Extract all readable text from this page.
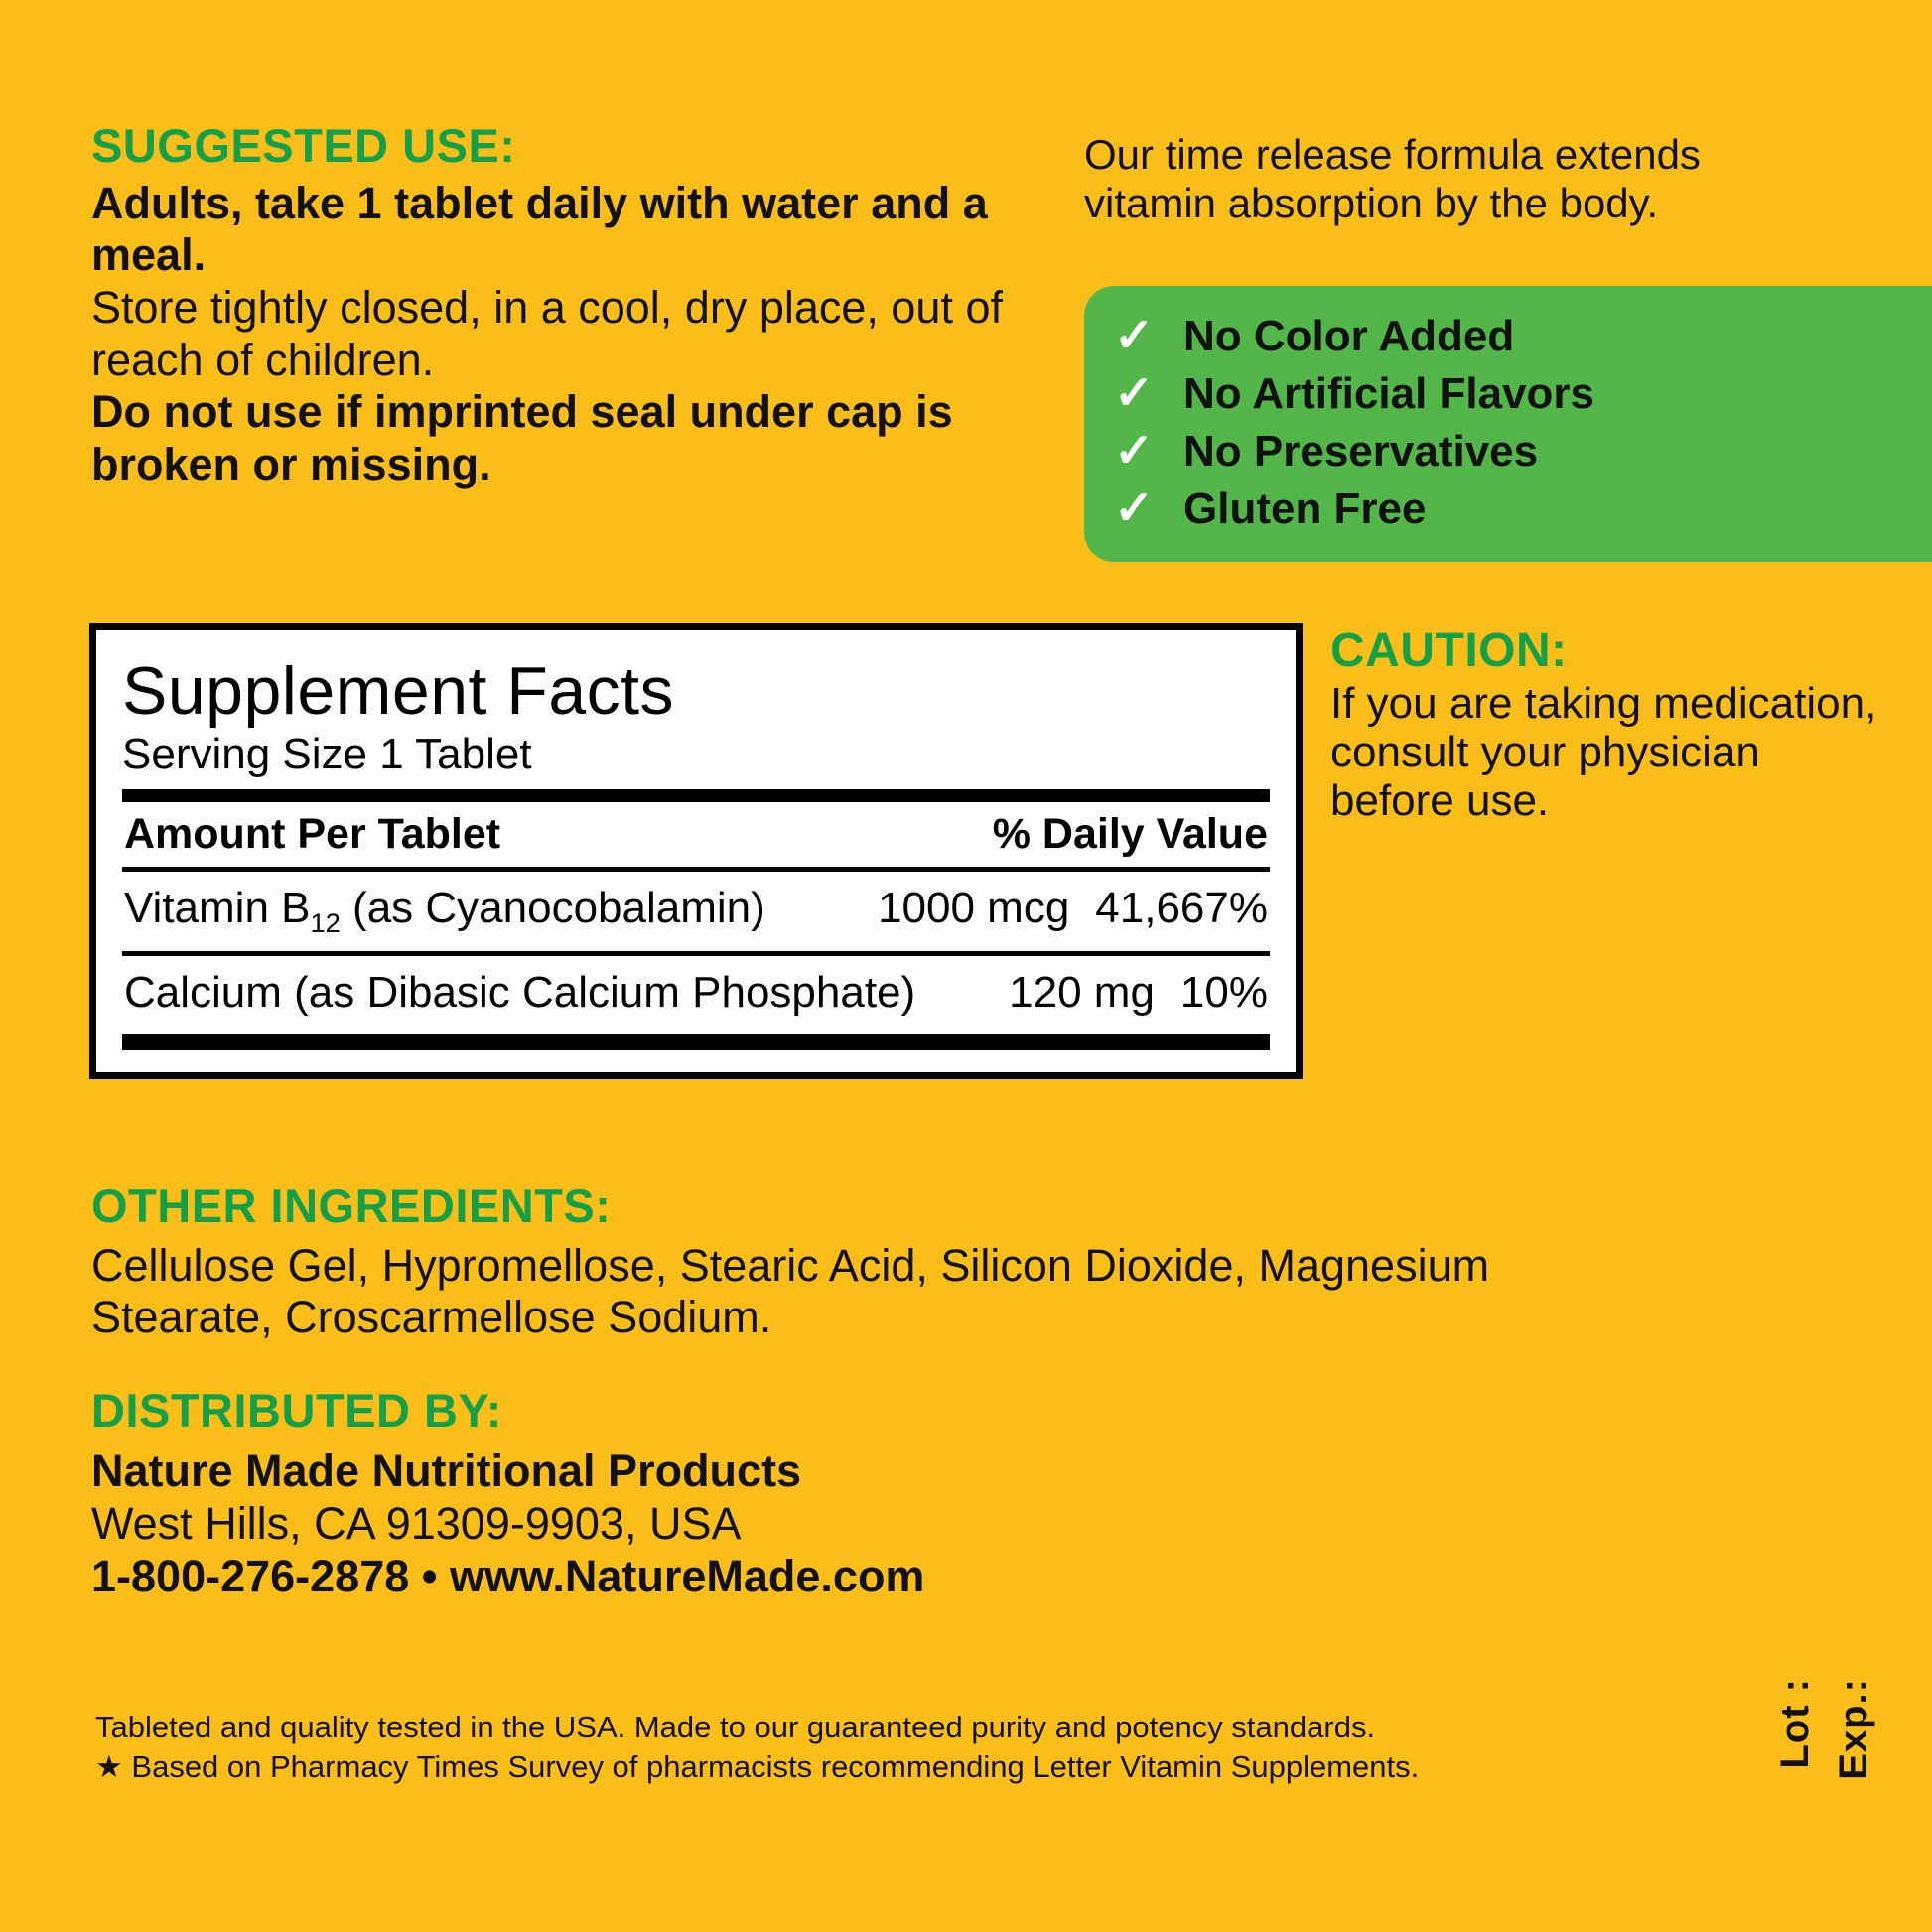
SUGGESTED USE:

Adults, take 1 tablet daily with water and a meal.

Store tightly closed, in a cool, dry place, out of reach of children.

Do not use if imprinted seal under cap is broken or missing.

Our time release formula extends vitamin absorption by the body.
✓ No Color Added
✓ No Artificial Flavors
✓ No Preservatives
✓ Gluten Free
Supplement Facts
Serving Size 1 Tablet
Amount Per Tablet	% Daily Value
Vitamin $B_{12}$ (as Cyanocobalamin)	1000 mcg 41,667%
Calcium (as Dibasic Calcium Phosphate)	120 mg 10%
CAUTION:

If you are taking medication, consult your physician before use.

OTHER INGREDIENTS:

Cellulose Gel, Hypromellose, Stearic Acid, Silicon Dioxide, Magnesium Stearate, Croscarmellose Sodium.

DISTRIBUTED BY:

Nature Made Nutritional Products

West Hills, CA 91309-9903, USA

1-800-276-2878 • www.NatureMade.com

Tableted and quality tested in the USA. Made to our guaranteed purity and potency standards.

★ Based on Pharmacy Times Survey of pharmacists recommending Letter Vitamin Supplements.	Lot : Exp.:
